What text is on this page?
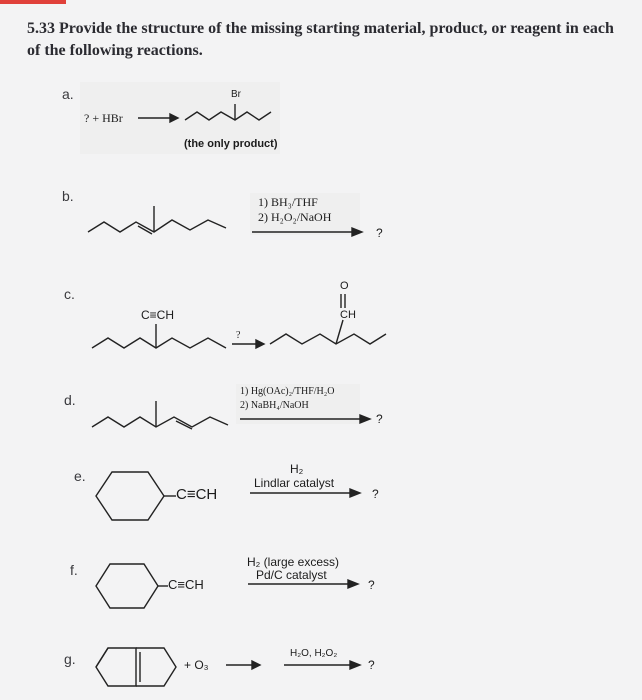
5.33 Provide the structure of the missing starting material, product, or reagent in each of the following reactions.
a.
? + HBr
Br
(the only product)
b.	1) BH₃/THF
2) H₂O₂/NaOH
?
c.
C≡CH
?
O
CH
d.
1) Hg(OAc)₂/THF/H₂O
2) NaBH₄/NaOH
?
e.
C≡CH
H₂
Lindlar catalyst
?
f.
C≡CH
H₂ (large excess)
Pd/C catalyst
?
g.	+ O₃
H₂O, H₂O₂
?
